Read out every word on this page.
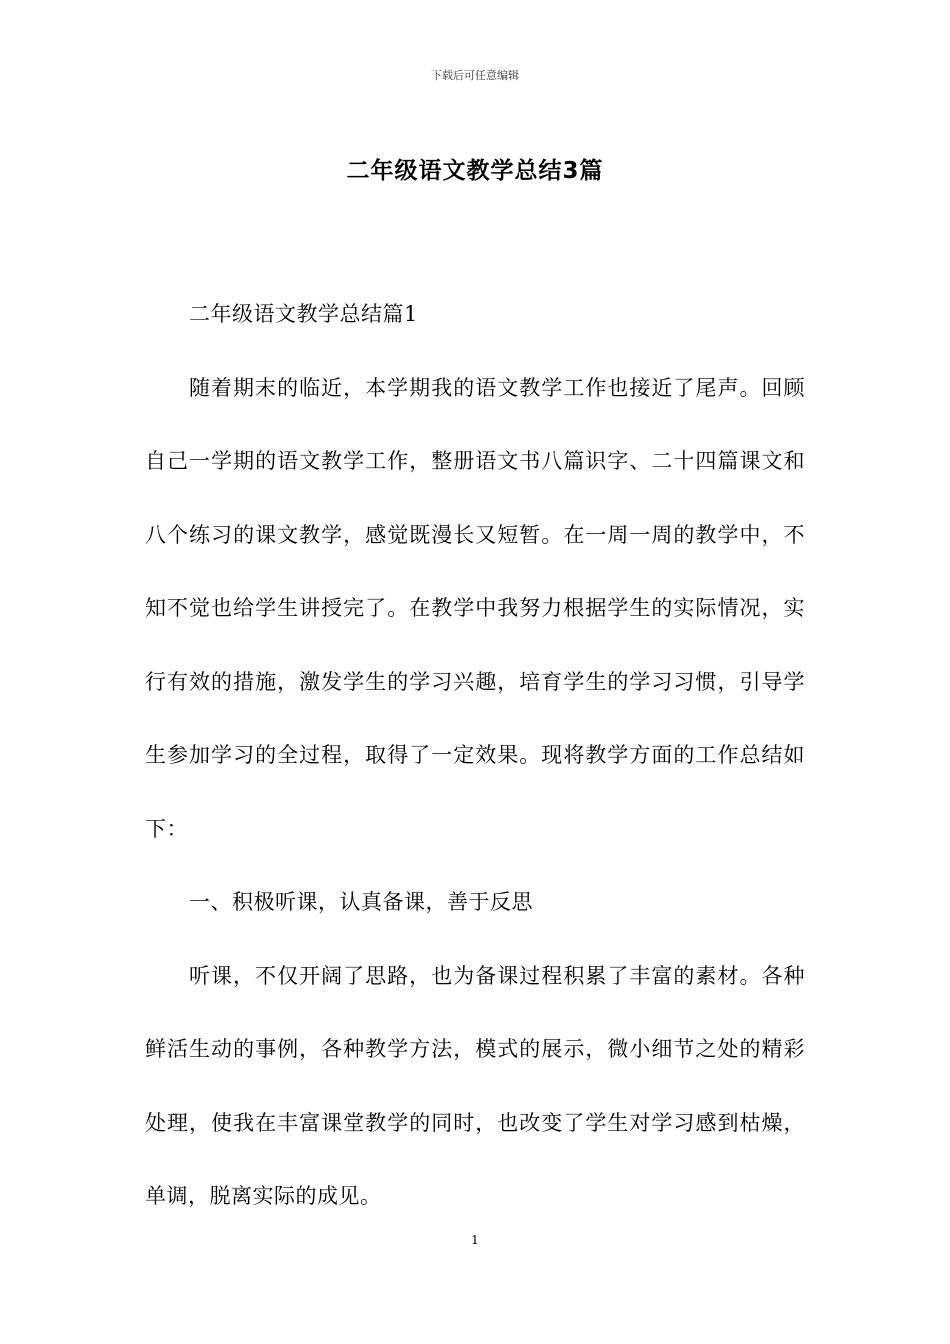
下载后可任意编辑
二年级语文教学总结3篇

二年级语文教学总结篇1

随着期末的临近，本学期我的语文教学工作也接近了尾声。回顾自己一学期的语文教学工作，整册语文书八篇识字、二十四篇课文和八个练习的课文教学，感觉既漫长又短暂。在一周一周的教学中，不知不觉也给学生讲授完了。在教学中我努力根据学生的实际情况，实行有效的措施，激发学生的学习兴趣，培育学生的学习习惯，引导学生参加学习的全过程，取得了一定效果。现将教学方面的工作总结如下：

一、积极听课，认真备课，善于反思

听课，不仅开阔了思路，也为备课过程积累了丰富的素材。各种鲜活生动的事例，各种教学方法，模式的展示，微小细节之处的精彩处理，使我在丰富课堂教学的同时，也改变了学生对学习感到枯燥，单调，脱离实际的成见。

1
